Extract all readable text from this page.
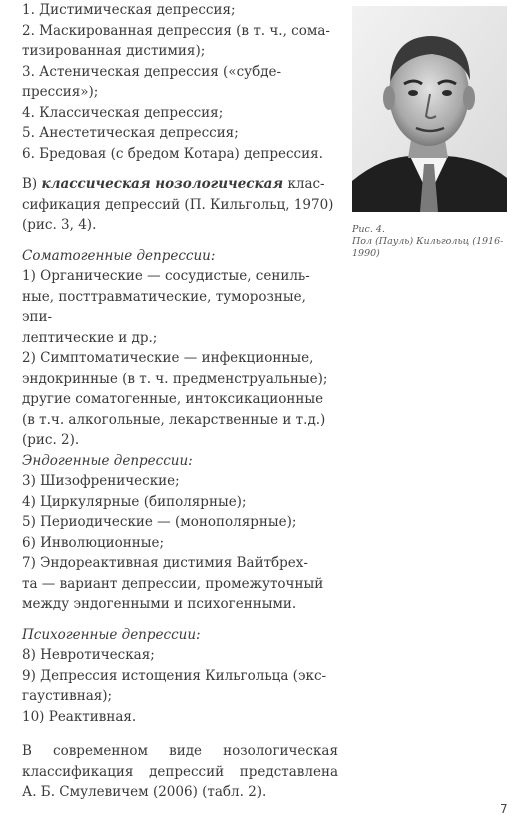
1. Дистимическая депрессия;

2. Маскированная депрессия (в т. ч., сома-

тизированная дистимия);

3. Астеническая депрессия («субде-

прессия»);

4. Классическая депрессия;

5. Анестетическая депрессия;

6. Бредовая (с бредом Котара) депрессия.

В) классическая нозологическая клас-

сификация депрессий (П. Кильгольц, 1970)

(рис. 3, 4).

Соматогенные депрессии:

1) Органические — сосудистые, сениль-

ные, посттравматические, туморозные, эпи-

лептические и др.;

2) Симптоматические — инфекционные,

эндокринные (в т. ч. предменструальные);

другие соматогенные, интоксикационные

(в т.ч. алкогольные, лекарственные и т.д.)

(рис. 2).

Эндогенные депрессии:

3) Шизофренические;

4) Циркулярные (биполярные);

5) Периодические — (монополярные);

6) Инволюционные;

7) Эндореактивная дистимия Вайтбрех-

та — вариант депрессии, промежуточный

между эндогенными и психогенными.

Психогенные депрессии:

8) Невротическая;

9) Депрессия истощения Кильгольца (экс-

гаустивная);

10) Реактивная.

В современном виде нозологическая

классификация депрессий представлена

А. Б. Смулевичем (2006) (табл. 2).

Рис. 4.
Пол (Пауль) Кильгольц (1916-
1990)
7
